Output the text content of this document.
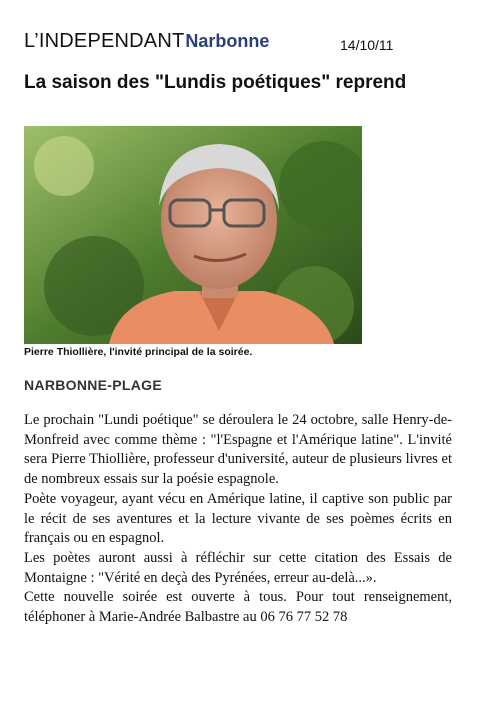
L’INDEPENDANTNarbonne	14/10/11
La saison des "Lundis poétiques" reprend
Pierre Thiollière, l'invité principal de la soirée.
NARBONNE-PLAGE

Le prochain "Lundi poétique" se déroulera le 24 octobre, salle Henry-de-Monfreid avec comme thème : "l'Espagne et l'Amérique latine". L'invité sera Pierre Thiollière, professeur d'université, auteur de plusieurs livres et de nombreux essais sur la poésie espagnole.

Poète voyageur, ayant vécu en Amérique latine, il captive son public par le récit de ses aventures et la lecture vivante de ses poèmes écrits en français ou en espagnol.

Les poètes auront aussi à réfléchir sur cette citation des Essais de Montaigne : "Vérité en deçà des Pyrénées, erreur au-delà...».

Cette nouvelle soirée est ouverte à tous. Pour tout renseignement, téléphoner à Marie-Andrée Balbastre au 06 76 77 52 78
